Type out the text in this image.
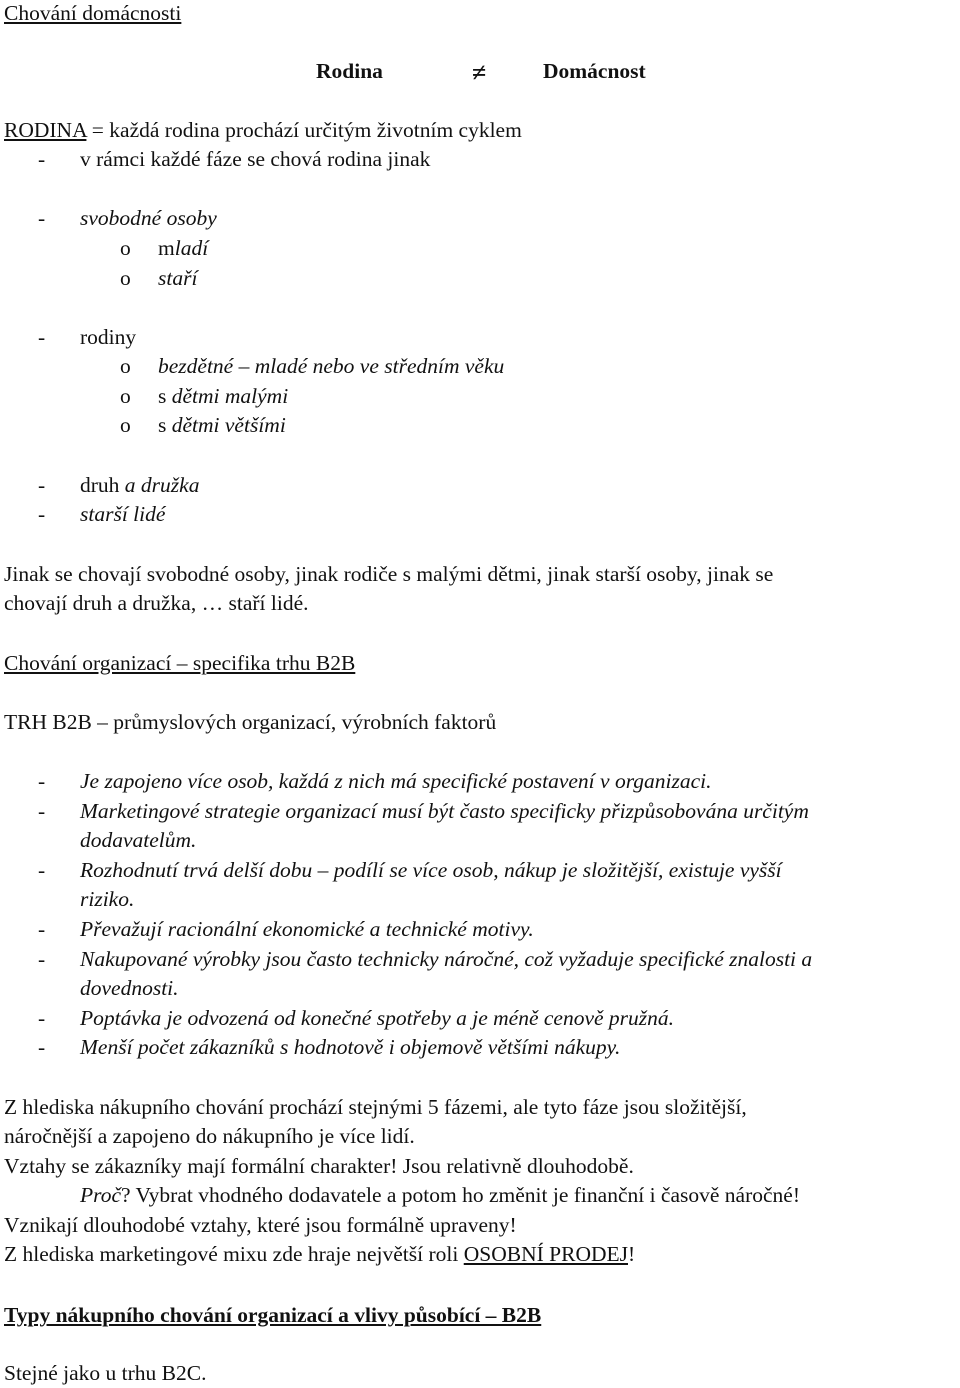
Chování domácnosti
Rodina	≠	Domácnost
RODINA = každá rodina prochází určitým životním cyklem
- v rámci každé fáze se chová rodina jinak
- svobodné osoby
o mladí
o staří
- rodiny
o bezdětné – mladé nebo ve středním věku
o s dětmi malými
o s dětmi většími
- druh a družka
- starší lidé
Jinak se chovají svobodné osoby, jinak rodiče s malými dětmi, jinak starší osoby, jinak se
chovají druh a družka, … staří lidé.
Chování organizací – specifika trhu B2B
TRH B2B – průmyslových organizací, výrobních faktorů
- Je zapojeno více osob, každá z nich má specifické postavení v organizaci.
- Marketingové strategie organizací musí být často specificky přizpůsobována určitým
dodavatelům.
- Rozhodnutí trvá delší dobu – podílí se více osob, nákup je složitější, existuje vyšší
riziko.
- Převažují racionální ekonomické a technické motivy.
- Nakupované výrobky jsou často technicky náročné, což vyžaduje specifické znalosti a
dovednosti.
- Poptávka je odvozená od konečné spotřeby a je méně cenově pružná.
- Menší počet zákazníků s hodnotově i objemově většími nákupy.
Z hlediska nákupního chování prochází stejnými 5 fázemi, ale tyto fáze jsou složitější,
náročnější a zapojeno do nákupního je více lidí.
Vztahy se zákazníky mají formální charakter! Jsou relativně dlouhodobě.
Proč? Vybrat vhodného dodavatele a potom ho změnit je finanční i časově náročné!
Vznikají dlouhodobé vztahy, které jsou formálně upraveny!
Z hlediska marketingové mixu zde hraje největší roli OSOBNÍ PRODEJ!
Typy nákupního chování organizací a vlivy působící – B2B
Stejné jako u trhu B2C.
